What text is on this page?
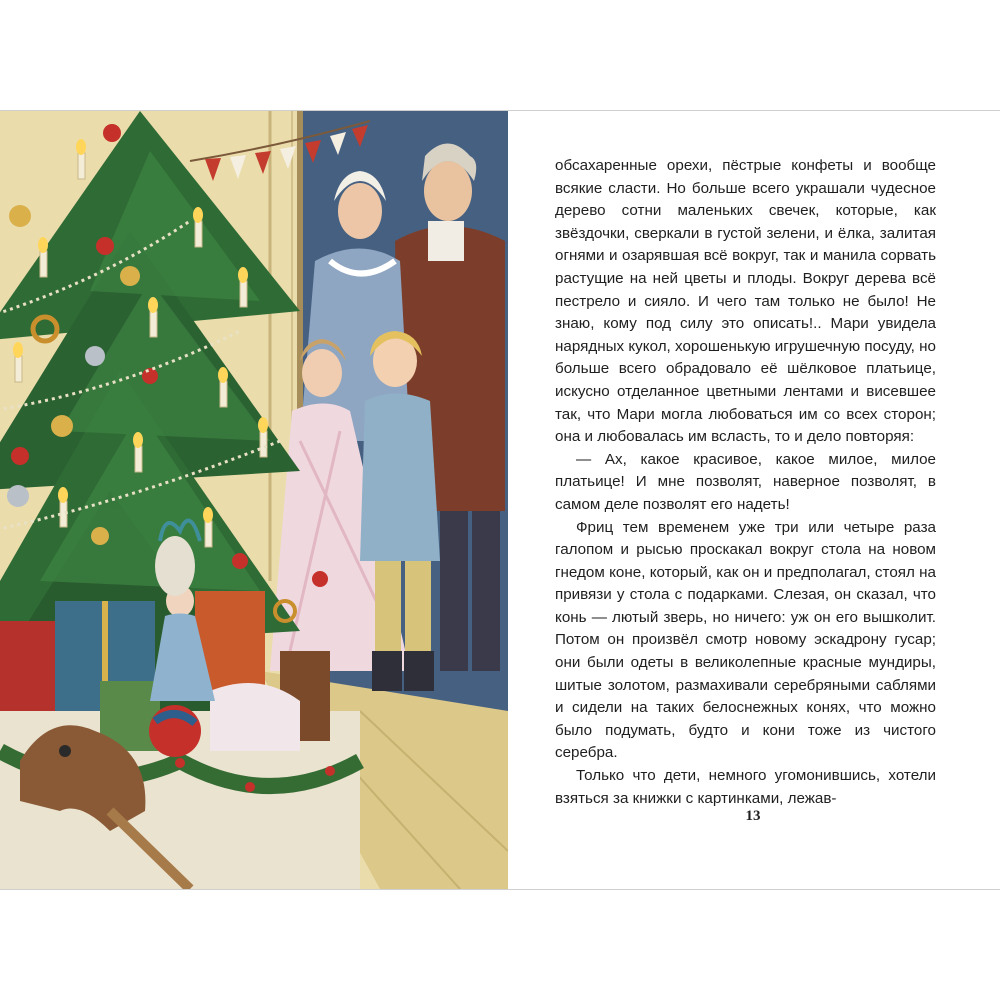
обсахаренные орехи, пёстрые конфеты и вообще всякие сласти. Но больше всего украшали чудесное дерево сотни маленьких свечек, которые, как звёздочки, сверкали в густой зелени, и ёлка, залитая огнями и озарявшая всё вокруг, так и манила сорвать растущие на ней цветы и плоды. Вокруг дерева всё пестрело и сияло. И чего там только не было! Не знаю, кому под силу это описать!.. Мари увидела нарядных кукол, хорошенькую игрушечную посуду, но больше всего обрадовало её шёлковое платьице, искусно отделанное цветными лентами и висевшее так, что Мари могла любоваться им со всех сторон; она и любовалась им всласть, то и дело повторяя:

— Ах, какое красивое, какое милое, милое платьице! И мне позволят, наверное позволят, в самом деле позволят его надеть!

Фриц тем временем уже три или четыре раза галопом и рысью проскакал вокруг стола на новом гнедом коне, который, как он и предполагал, стоял на привязи у стола с подарками. Слезая, он сказал, что конь — лютый зверь, но ничего: уж он его вышколит. Потом он произвёл смотр новому эскадрону гусар; они были одеты в великолепные красные мундиры, шитые золотом, размахивали серебряными саблями и сидели на таких белоснежных конях, что можно было подумать, будто и кони тоже из чистого серебра.

Только что дети, немного угомонившись, хотели взяться за книжки с картинками, лежав-

13
